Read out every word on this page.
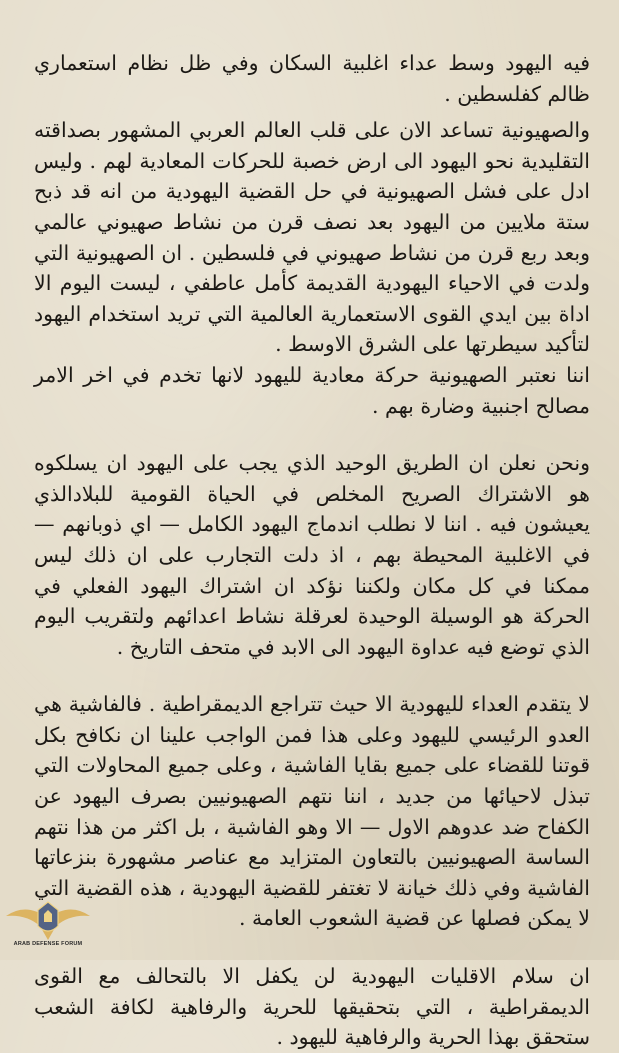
فيه اليهود وسط عداء اغلبية السكان وفي ظل نظام استعماري ظالم كفلسطين .

والصهيونية تساعد الان على قلب العالم العربي المشهور بصداقته التقليدية نحو اليهود الى ارض خصبة للحركات المعادية لهم . وليس ادل على فشل الصهيونية في حل القضية اليهودية من انه قد ذبح ستة ملايين من اليهود بعد نصف قرن من نشاط صهيوني عالمي وبعد ربع قرن من نشاط صهيوني في فلسطين . ان الصهيونية التي ولدت في الاحياء اليهودية القديمة كأمل عاطفي ، ليست اليوم الا اداة بين ايدي القوى الاستعمارية العالمية التي تريد استخدام اليهود لتأكيد سيطرتها على الشرق الاوسط .

اننا نعتبر الصهيونية حركة معادية لليهود لانها تخدم في اخر الامر مصالح اجنبية وضارة بهم .

ونحن نعلن ان الطريق الوحيد الذي يجب على اليهود ان يسلكوه هو الاشتراك الصريح المخلص في الحياة القومية للبلادالذي يعيشون فيه . اننا لا نطلب اندماج اليهود الكامل — اي ذوبانهم — في الاغلبية المحيطة بهم ، اذ دلت التجارب على ان ذلك ليس ممكنا في كل مكان ولكننا نؤكد ان اشتراك اليهود الفعلي في الحركة هو الوسيلة الوحيدة لعرقلة نشاط اعدائهم ولتقريب اليوم الذي توضع فيه عداوة اليهود الى الابد في متحف التاريخ .

لا يتقدم العداء لليهودية الا حيث تتراجع الديمقراطية . فالفاشية هي العدو الرئيسي لليهود وعلى هذا فمن الواجب علينا ان نكافح بكل قوتنا للقضاء على جميع بقايا الفاشية ، وعلى جميع المحاولات التي تبذل لاحيائها من جديد ، اننا نتهم الصهيونيين بصرف اليهود عن الكفاح ضد عدوهم الاول — الا وهو الفاشية ، بل اكثر من هذا نتهم الساسة الصهيونيين بالتعاون المتزايد مع عناصر مشهورة بنزعاتها الفاشية وفي ذلك خيانة لا تغتفر للقضية اليهودية ، هذه القضية التي لا يمكن فصلها عن قضية الشعوب العامة .

ان سلام الاقليات اليهودية لن يكفل الا بالتحالف مع القوى الديمقراطية ، التي بتحقيقها للحرية والرفاهية لكافة الشعب ستحقق بهذا الحرية والرفاهية لليهود .

ARAB DEFENSE FORUM
